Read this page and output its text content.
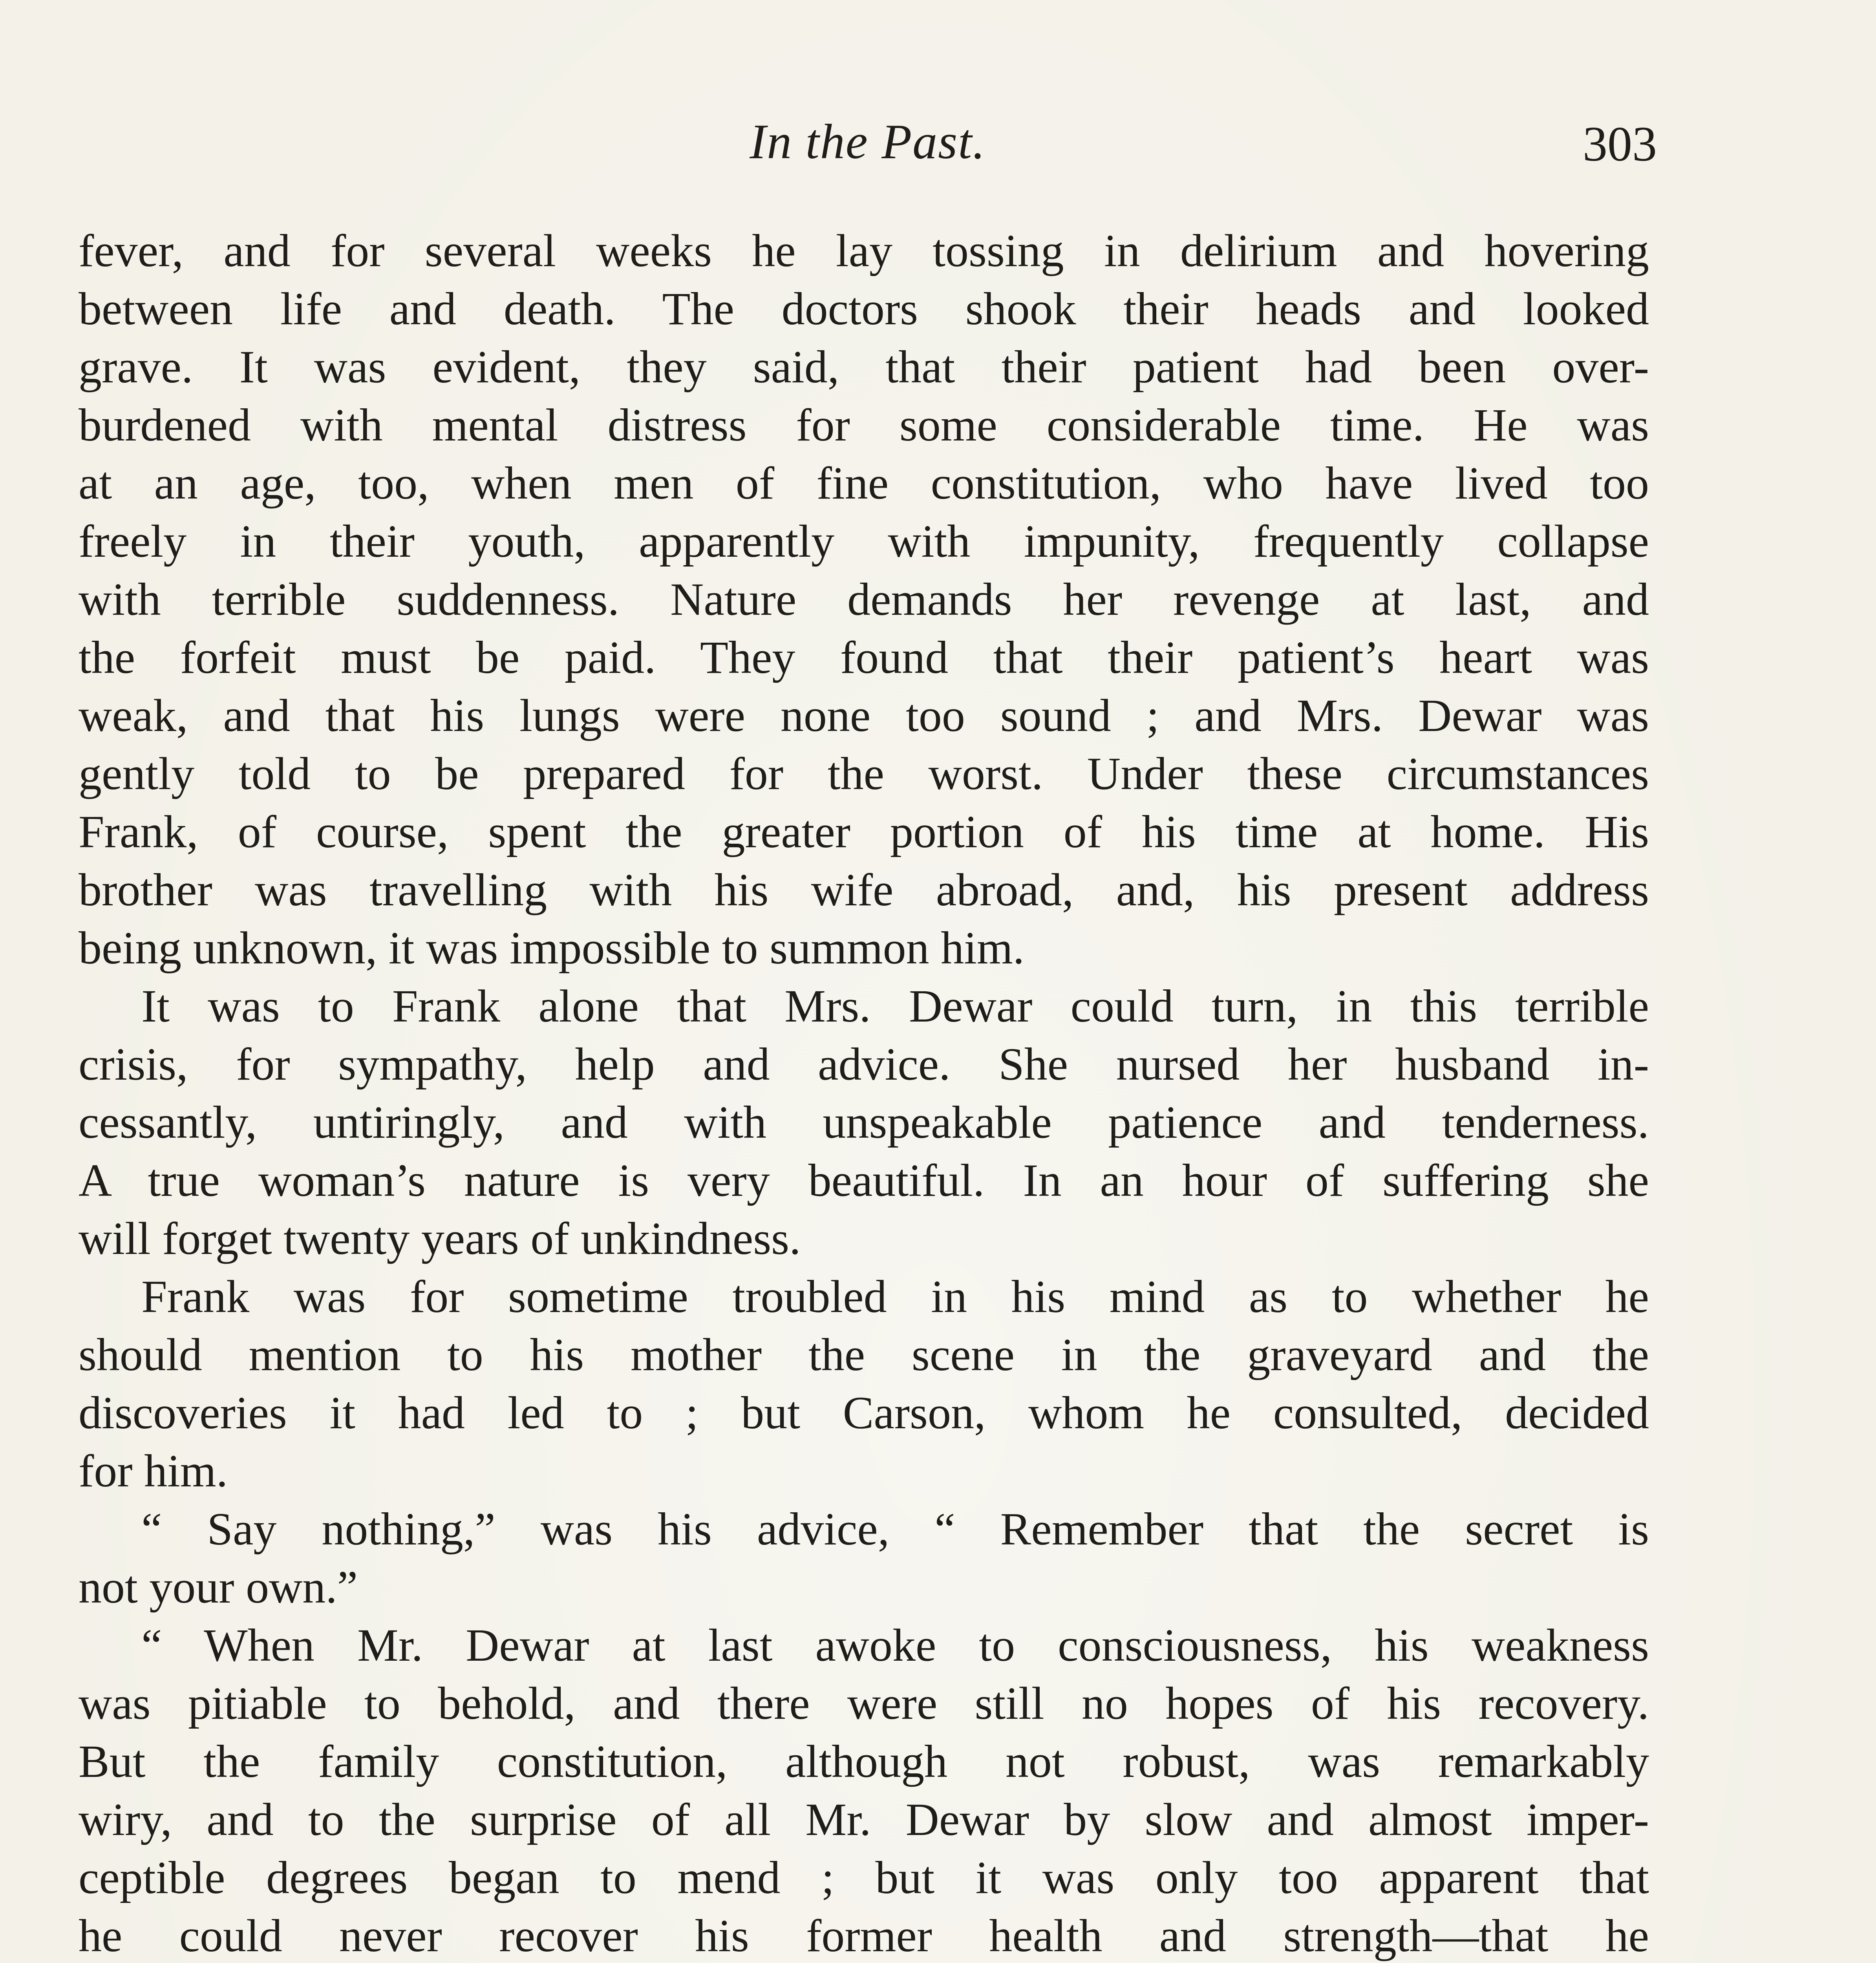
In the Past.	303
fever, and for several weeks he lay tossing in delirium and hovering
between life and death. The doctors shook their heads and looked
grave. It was evident, they said, that their patient had been over-
burdened with mental distress for some considerable time. He was
at an age, too, when men of fine constitution, who have lived too
freely in their youth, apparently with impunity, frequently collapse
with terrible suddenness. Nature demands her revenge at last, and
the forfeit must be paid. They found that their patient’s heart was
weak, and that his lungs were none too sound ; and Mrs. Dewar was
gently told to be prepared for the worst. Under these circumstances
Frank, of course, spent the greater portion of his time at home. His
brother was travelling with his wife abroad, and, his present address
being unknown, it was impossible to summon him.
It was to Frank alone that Mrs. Dewar could turn, in this terrible
crisis, for sympathy, help and advice. She nursed her husband in-
cessantly, untiringly, and with unspeakable patience and tenderness.
A true woman’s nature is very beautiful. In an hour of suffering she
will forget twenty years of unkindness.
Frank was for sometime troubled in his mind as to whether he
should mention to his mother the scene in the graveyard and the
discoveries it had led to ; but Carson, whom he consulted, decided
for him.
“ Say nothing,” was his advice, “ Remember that the secret is
not your own.”
“ When Mr. Dewar at last awoke to consciousness, his weakness
was pitiable to behold, and there were still no hopes of his recovery.
But the family constitution, although not robust, was remarkably
wiry, and to the surprise of all Mr. Dewar by slow and almost imper-
ceptible degrees began to mend ; but it was only too apparent that
he could never recover his former health and strength—that he
